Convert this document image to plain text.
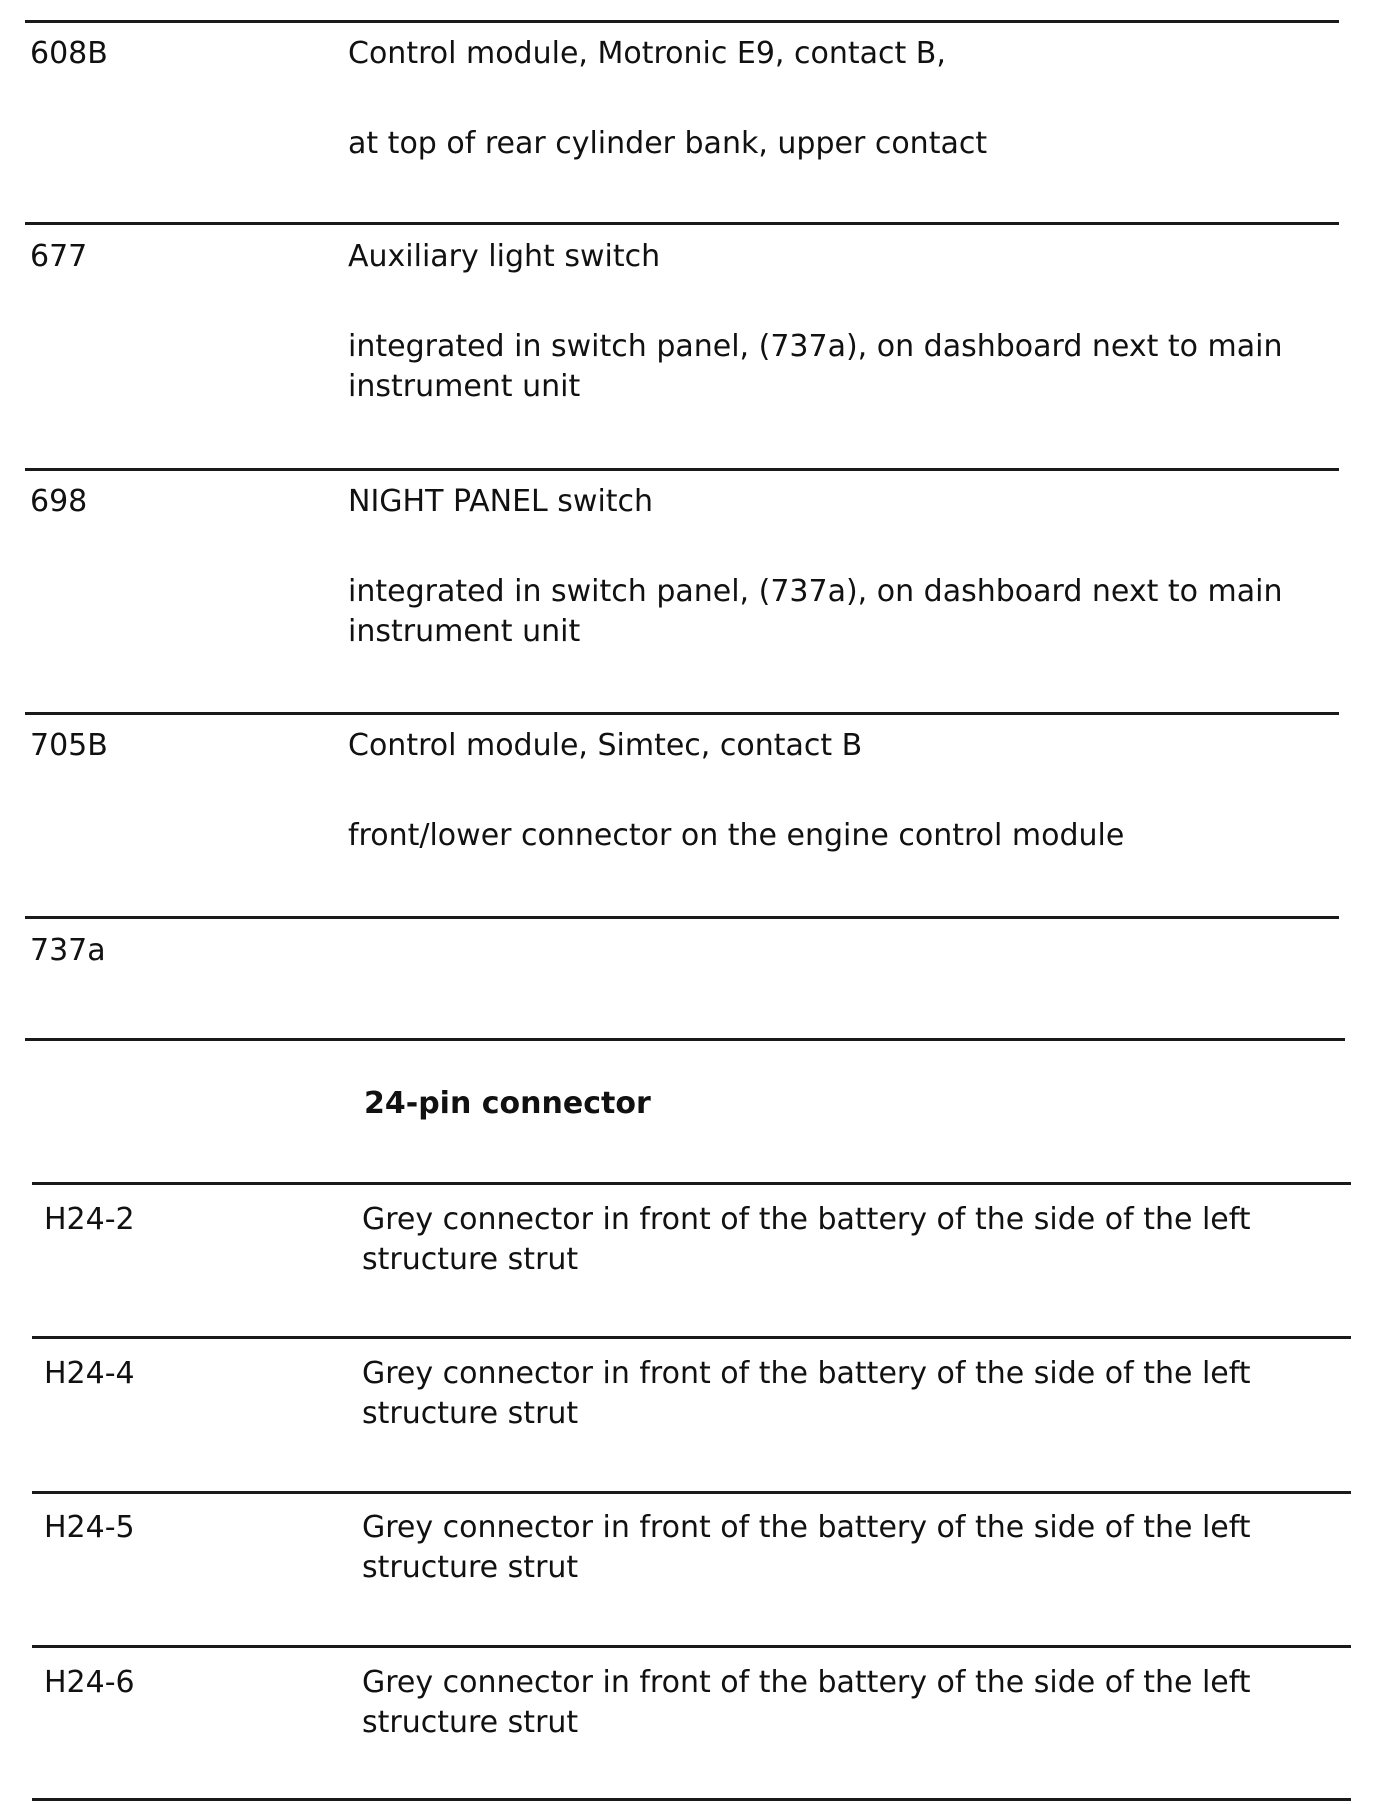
608B	Control module, Motronic E9, contact B,

at top of rear cylinder bank, upper contact

677	Auxiliary light switch

integrated in switch panel, (737a), on dashboard next to main instrument unit

698	NIGHT PANEL switch

integrated in switch panel, (737a), on dashboard next to main instrument unit

705B	Control module, Simtec, contact B

front/lower connector on the engine control module

737a
24-pin connector
H24-2	Grey connector in front of the battery of the side of the left structure strut
H24-4	Grey connector in front of the battery of the side of the left structure strut
H24-5	Grey connector in front of the battery of the side of the left structure strut
H24-6	Grey connector in front of the battery of the side of the left structure strut
